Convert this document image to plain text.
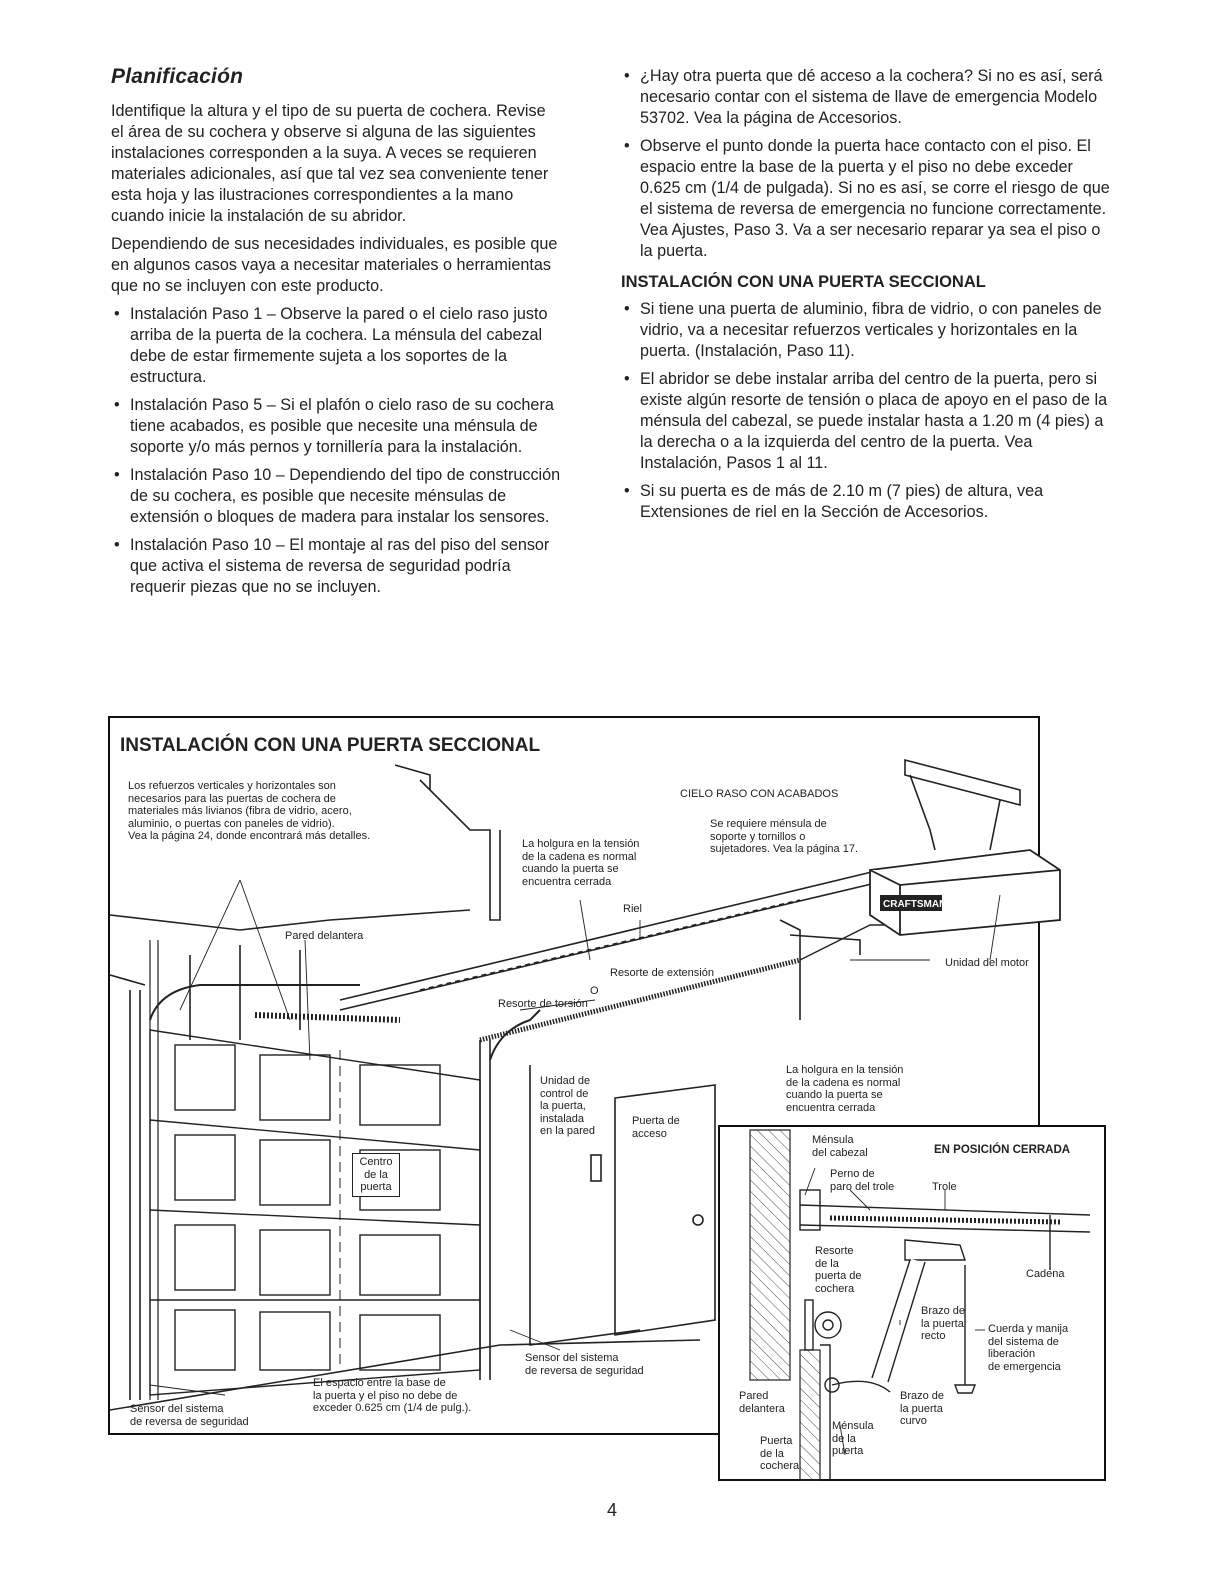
Planificación

Identifique la altura y el tipo de su puerta de cochera. Revise el área de su cochera y observe si alguna de las siguientes instalaciones corresponden a la suya. A veces se requieren materiales adicionales, así que tal vez sea conveniente tener esta hoja y las ilustraciones correspondientes a la mano cuando inicie la instalación de su abridor.

Dependiendo de sus necesidades individuales, es posible que en algunos casos vaya a necesitar materiales o herramientas que no se incluyen con este producto.

• Instalación Paso 1 – Observe la pared o el cielo raso justo arriba de la puerta de la cochera. La ménsula del cabezal debe de estar firmemente sujeta a los soportes de la estructura.
• Instalación Paso 5 – Si el plafón o cielo raso de su cochera tiene acabados, es posible que necesite una ménsula de soporte y/o más pernos y tornillería para la instalación.
• Instalación Paso 10 – Dependiendo del tipo de construcción de su cochera, es posible que necesite ménsulas de extensión o bloques de madera para instalar los sensores.
• Instalación Paso 10 – El montaje al ras del piso del sensor que activa el sistema de reversa de seguridad podría requerir piezas que no se incluyen.
• ¿Hay otra puerta que dé acceso a la cochera? Si no es así, será necesario contar con el sistema de llave de emergencia Modelo 53702. Vea la página de Accesorios.
• Observe el punto donde la puerta hace contacto con el piso. El espacio entre la base de la puerta y el piso no debe exceder 0.625 cm (1/4 de pulgada). Si no es así, se corre el riesgo de que el sistema de reversa de emergencia no funcione correctamente. Vea Ajustes, Paso 3. Va a ser necesario reparar ya sea el piso o la puerta.
INSTALACIÓN CON UNA PUERTA SECCIONAL
• Si tiene una puerta de aluminio, fibra de vidrio, o con paneles de vidrio, va a necesitar refuerzos verticales y horizontales en la puerta. (Instalación, Paso 11).
• El abridor se debe instalar arriba del centro de la puerta, pero si existe algún resorte de tensión o placa de apoyo en el paso de la ménsula del cabezal, se puede instalar hasta a 1.20 m (4 pies) a la derecha o a la izquierda del centro de la puerta. Vea Instalación, Pasos 1 al 11.
• Si su puerta es de más de 2.10 m (7 pies) de altura, vea Extensiones de riel en la Sección de Accesorios.
CRAFTSMAN
INSTALACIÓN CON UNA PUERTA SECCIONAL
Los refuerzos verticales y horizontales son
necesarios para las puertas de cochera de
materiales más livianos (fibra de vidrio, acero,
aluminio, o puertas con paneles de vidrio).
Vea la página 24, donde encontrará más detalles.
CIELO RASO CON ACABADOS
Se requiere ménsula de
soporte y tornillos o
sujetadores. Vea la página 17.
La holgura en la tensión
de la cadena es normal
cuando la puerta se
encuentra cerrada
Riel
Pared delantera
Resorte de extensión
O
Resorte de torsión
Unidad del motor
Unidad de
control de
la puerta,
instalada
en la pared
Puerta de
acceso
Centro
de la
puerta
La holgura en la tensión
de la cadena es normal
cuando la puerta se
encuentra cerrada
Sensor del sistema
de reversa de seguridad
El espacio entre la base de
la puerta y el piso no debe de
exceder 0.625 cm (1/4 de pulg.).
Sensor del sistema
de reversa de seguridad
EN POSICIÓN CERRADA
Ménsula
del cabezal
Perno de
paro del trole	Trole
Resorte
de la
puerta de
cochera
Cadena
Brazo de
la puerta
recto
Cuerda y manija
del sistema de
liberación
de emergencia
Pared
delantera
Brazo de
la puerta
curvo
Ménsula
de la
puerta
Puerta
de la
cochera
4
